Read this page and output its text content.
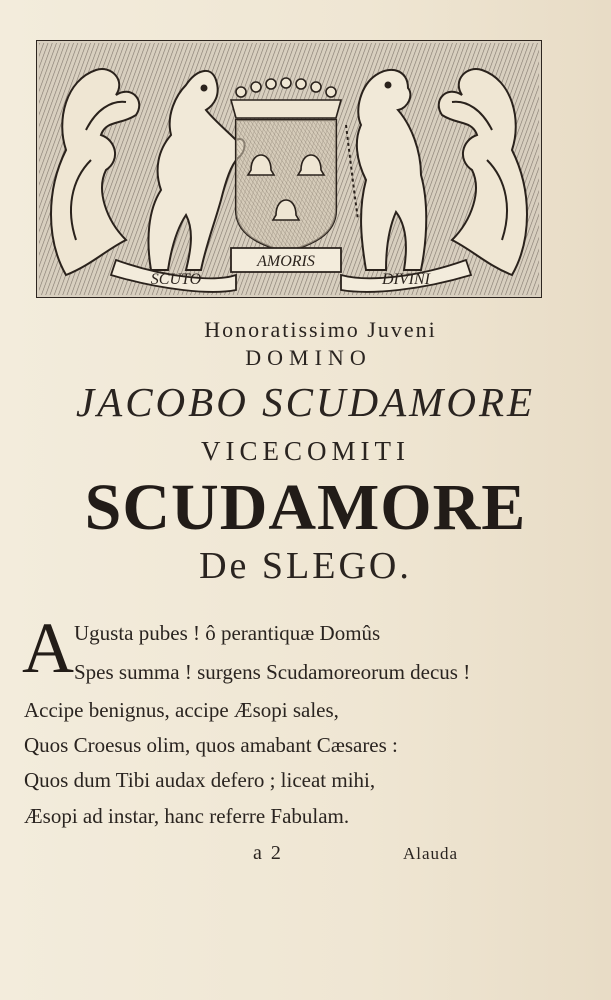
SCUTO
AMORIS
DIVINI
Honoratissimo Juveni
DOMINO
JACOBO SCUDAMORE
VICECOMITI
SCUDAMORE
De SLEGO.
A Ugusta pubes ! ô perantiquæ Domûs
Spes summa ! surgens Scudamoreorum decus !
Accipe benignus, accipe Æsopi sales,
Quos Croesus olim, quos amabant Cæsares :
Quos dum Tibi audax defero ; liceat mihi,
Æsopi ad instar, hanc referre Fabulam.
a 2	Alauda
